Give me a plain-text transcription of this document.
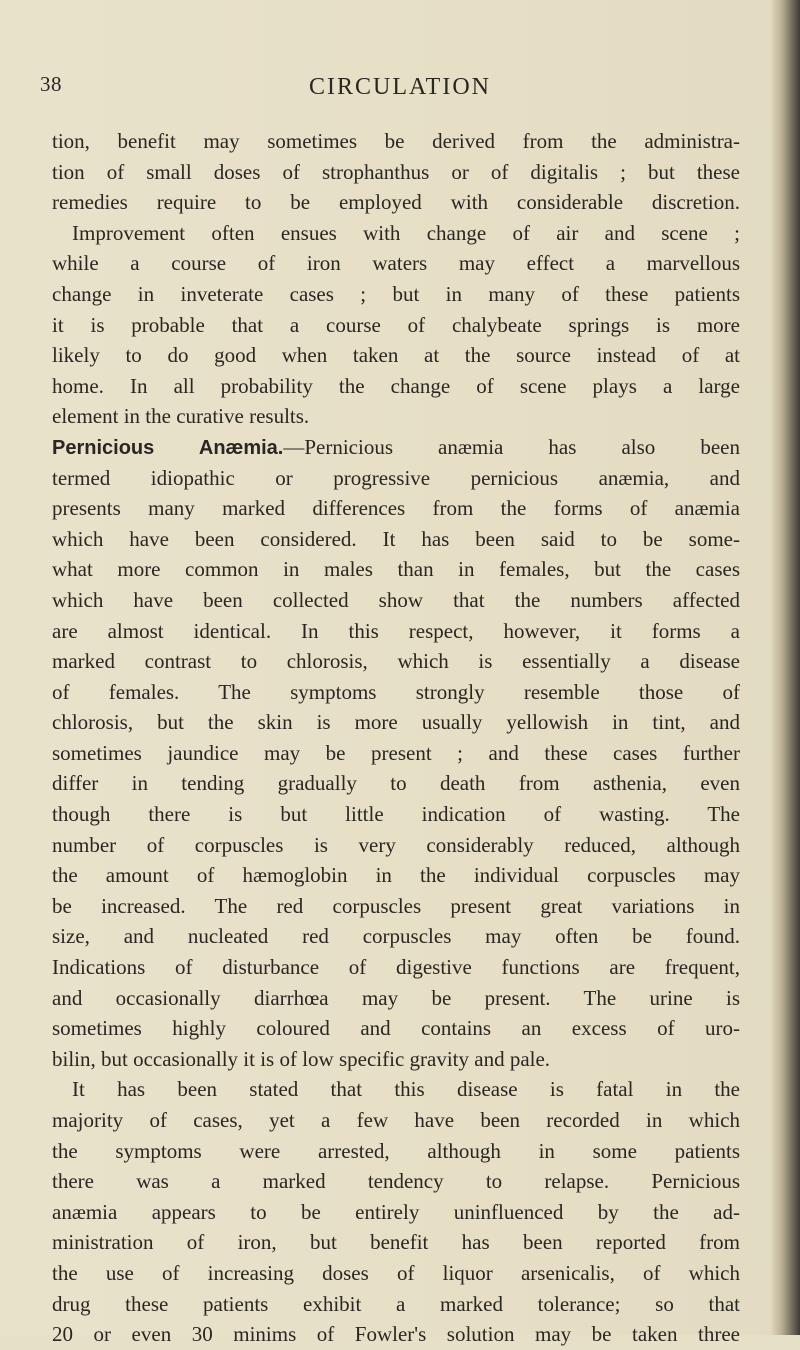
38	CIRCULATION
tion, benefit may sometimes be derived from the administra-
tion of small doses of strophanthus or of digitalis ; but these
remedies require to be employed with considerable discretion.
Improvement often ensues with change of air and scene ;
while a course of iron waters may effect a marvellous
change in inveterate cases ; but in many of these patients
it is probable that a course of chalybeate springs is more
likely to do good when taken at the source instead of at
home. In all probability the change of scene plays a large
element in the curative results.
Pernicious Anæmia.—Pernicious anæmia has also been
termed idiopathic or progressive pernicious anæmia, and
presents many marked differences from the forms of anæmia
which have been considered. It has been said to be some-
what more common in males than in females, but the cases
which have been collected show that the numbers affected
are almost identical. In this respect, however, it forms a
marked contrast to chlorosis, which is essentially a disease
of females. The symptoms strongly resemble those of
chlorosis, but the skin is more usually yellowish in tint, and
sometimes jaundice may be present ; and these cases further
differ in tending gradually to death from asthenia, even
though there is but little indication of wasting. The
number of corpuscles is very considerably reduced, although
the amount of hæmoglobin in the individual corpuscles may
be increased. The red corpuscles present great variations in
size, and nucleated red corpuscles may often be found.
Indications of disturbance of digestive functions are frequent,
and occasionally diarrhœa may be present. The urine is
sometimes highly coloured and contains an excess of uro-
bilin, but occasionally it is of low specific gravity and pale.
It has been stated that this disease is fatal in the
majority of cases, yet a few have been recorded in which
the symptoms were arrested, although in some patients
there was a marked tendency to relapse. Pernicious
anæmia appears to be entirely uninfluenced by the ad-
ministration of iron, but benefit has been reported from
the use of increasing doses of liquor arsenicalis, of which
drug these patients exhibit a marked tolerance; so that
20 or even 30 minims of Fowler's solution may be taken three
